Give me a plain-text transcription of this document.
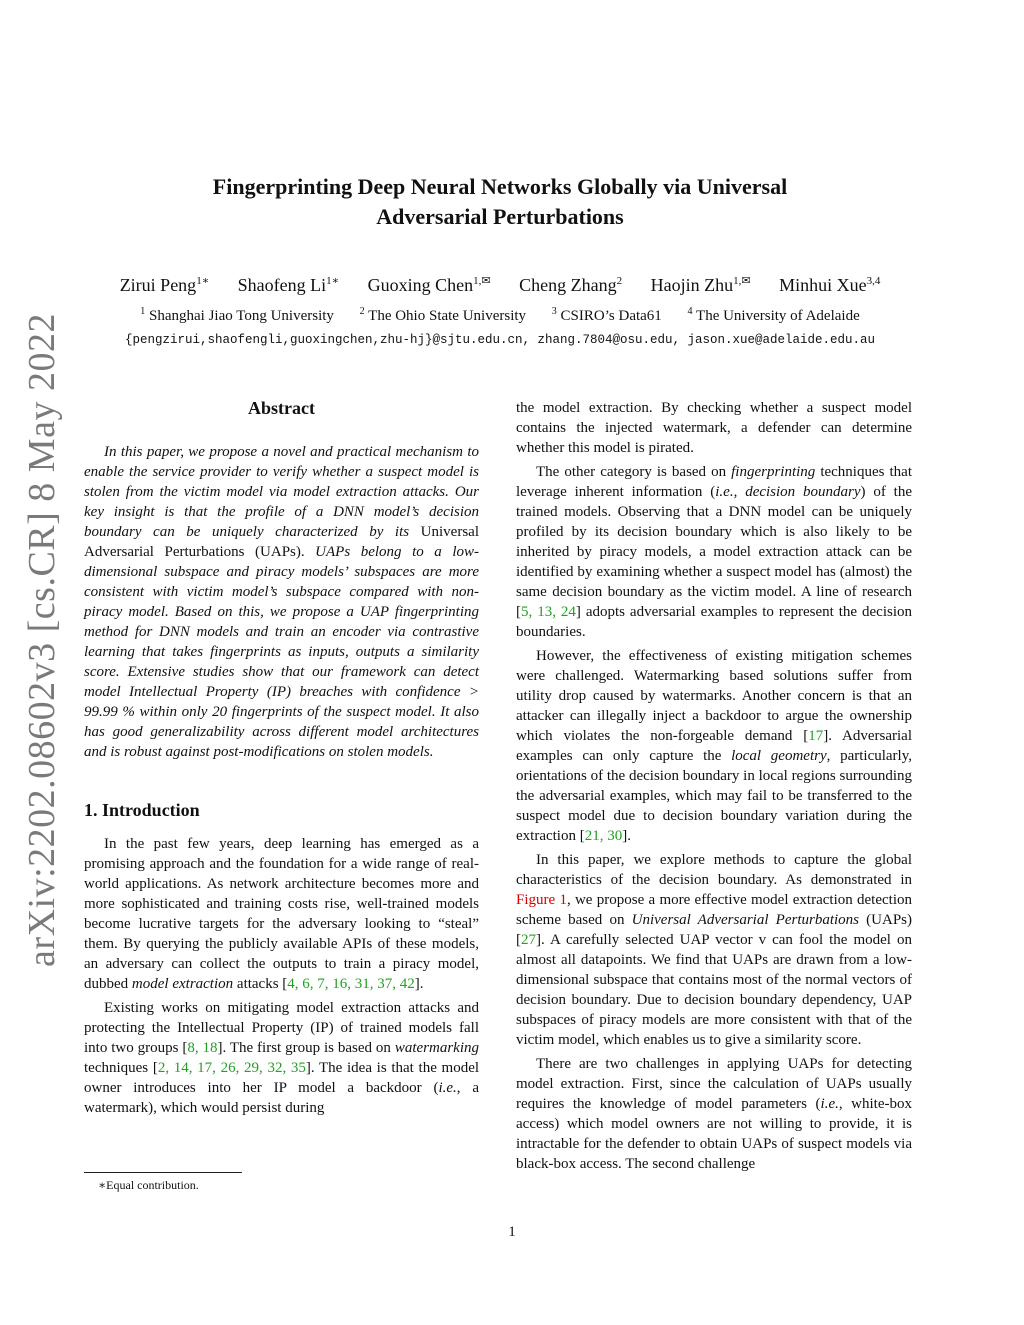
arXiv:2202.08602v3 [cs.CR] 8 May 2022
Fingerprinting Deep Neural Networks Globally via Universal
Adversarial Perturbations
Zirui Peng$^{1∗}$ Shaofeng $Li^{1∗}$ Guoxing Chen$^{1,✉}$ Cheng Zhang$^2$ Haojin Zhu$^{1,✉}$ Minhui Xue$^{3,4}$
$^1$ Shanghai Jiao Tong University	$^2$ The Ohio State University	$^3$ CSIRO’s Data61	$^4$ The University of Adelaide
{pengzirui,shaofengli,guoxingchen,zhu-hj}@sjtu.edu.cn, zhang.7804@osu.edu, jason.xue@adelaide.edu.au
Abstract

In this paper, we propose a novel and practical mechanism to enable the service provider to verify whether a suspect model is stolen from the victim model via model extraction attacks. Our key insight is that the profile of a DNN model’s decision boundary can be uniquely characterized by its Universal Adversarial Perturbations (UAPs). UAPs belong to a low-dimensional subspace and piracy models’ subspaces are more consistent with victim model’s subspace compared with non-piracy model. Based on this, we propose a UAP fingerprinting method for DNN models and train an encoder via contrastive learning that takes fingerprints as inputs, outputs a similarity score. Extensive studies show that our framework can detect model Intellectual Property (IP) breaches with confidence > 99.99 % within only 20 fingerprints of the suspect model. It also has good generalizability across different model architectures and is robust against post-modifications on stolen models.

1. Introduction

In the past few years, deep learning has emerged as a promising approach and the foundation for a wide range of real-world applications. As network architecture becomes more and more sophisticated and training costs rise, well-trained models become lucrative targets for the adversary looking to “steal” them. By querying the publicly available APIs of these models, an adversary can collect the outputs to train a piracy model, dubbed model extraction attacks [4, 6, 7, 16, 31, 37, 42].

Existing works on mitigating model extraction attacks and protecting the Intellectual Property (IP) of trained models fall into two groups [8, 18]. The first group is based on watermarking techniques [2, 14, 17, 26, 29, 32, 35]. The idea is that the model owner introduces into her IP model a backdoor (i.e., a watermark), which would persist during

the model extraction. By checking whether a suspect model contains the injected watermark, a defender can determine whether this model is pirated.

The other category is based on fingerprinting techniques that leverage inherent information (i.e., decision boundary) of the trained models. Observing that a DNN model can be uniquely profiled by its decision boundary which is also likely to be inherited by piracy models, a model extraction attack can be identified by examining whether a suspect model has (almost) the same decision boundary as the victim model. A line of research [5, 13, 24] adopts adversarial examples to represent the decision boundaries.

However, the effectiveness of existing mitigation schemes were challenged. Watermarking based solutions suffer from utility drop caused by watermarks. Another concern is that an attacker can illegally inject a backdoor to argue the ownership which violates the non-forgeable demand [17]. Adversarial examples can only capture the local geometry, particularly, orientations of the decision boundary in local regions surrounding the adversarial examples, which may fail to be transferred to the suspect model due to decision boundary variation during the extraction [21, 30].

In this paper, we explore methods to capture the global characteristics of the decision boundary. As demonstrated in Figure 1, we propose a more effective model extraction detection scheme based on Universal Adversarial Perturbations (UAPs) [27]. A carefully selected UAP vector v can fool the model on almost all datapoints. We find that UAPs are drawn from a low-dimensional subspace that contains most of the normal vectors of decision boundary. Due to decision boundary dependency, UAP subspaces of piracy models are more consistent with that of the victim model, which enables us to give a similarity score.

There are two challenges in applying UAPs for detecting model extraction. First, since the calculation of UAPs usually requires the knowledge of model parameters (i.e., white-box access) which model owners are not willing to provide, it is intractable for the defender to obtain UAPs of suspect models via black-box access. The second challenge

∗Equal contribution.
1
